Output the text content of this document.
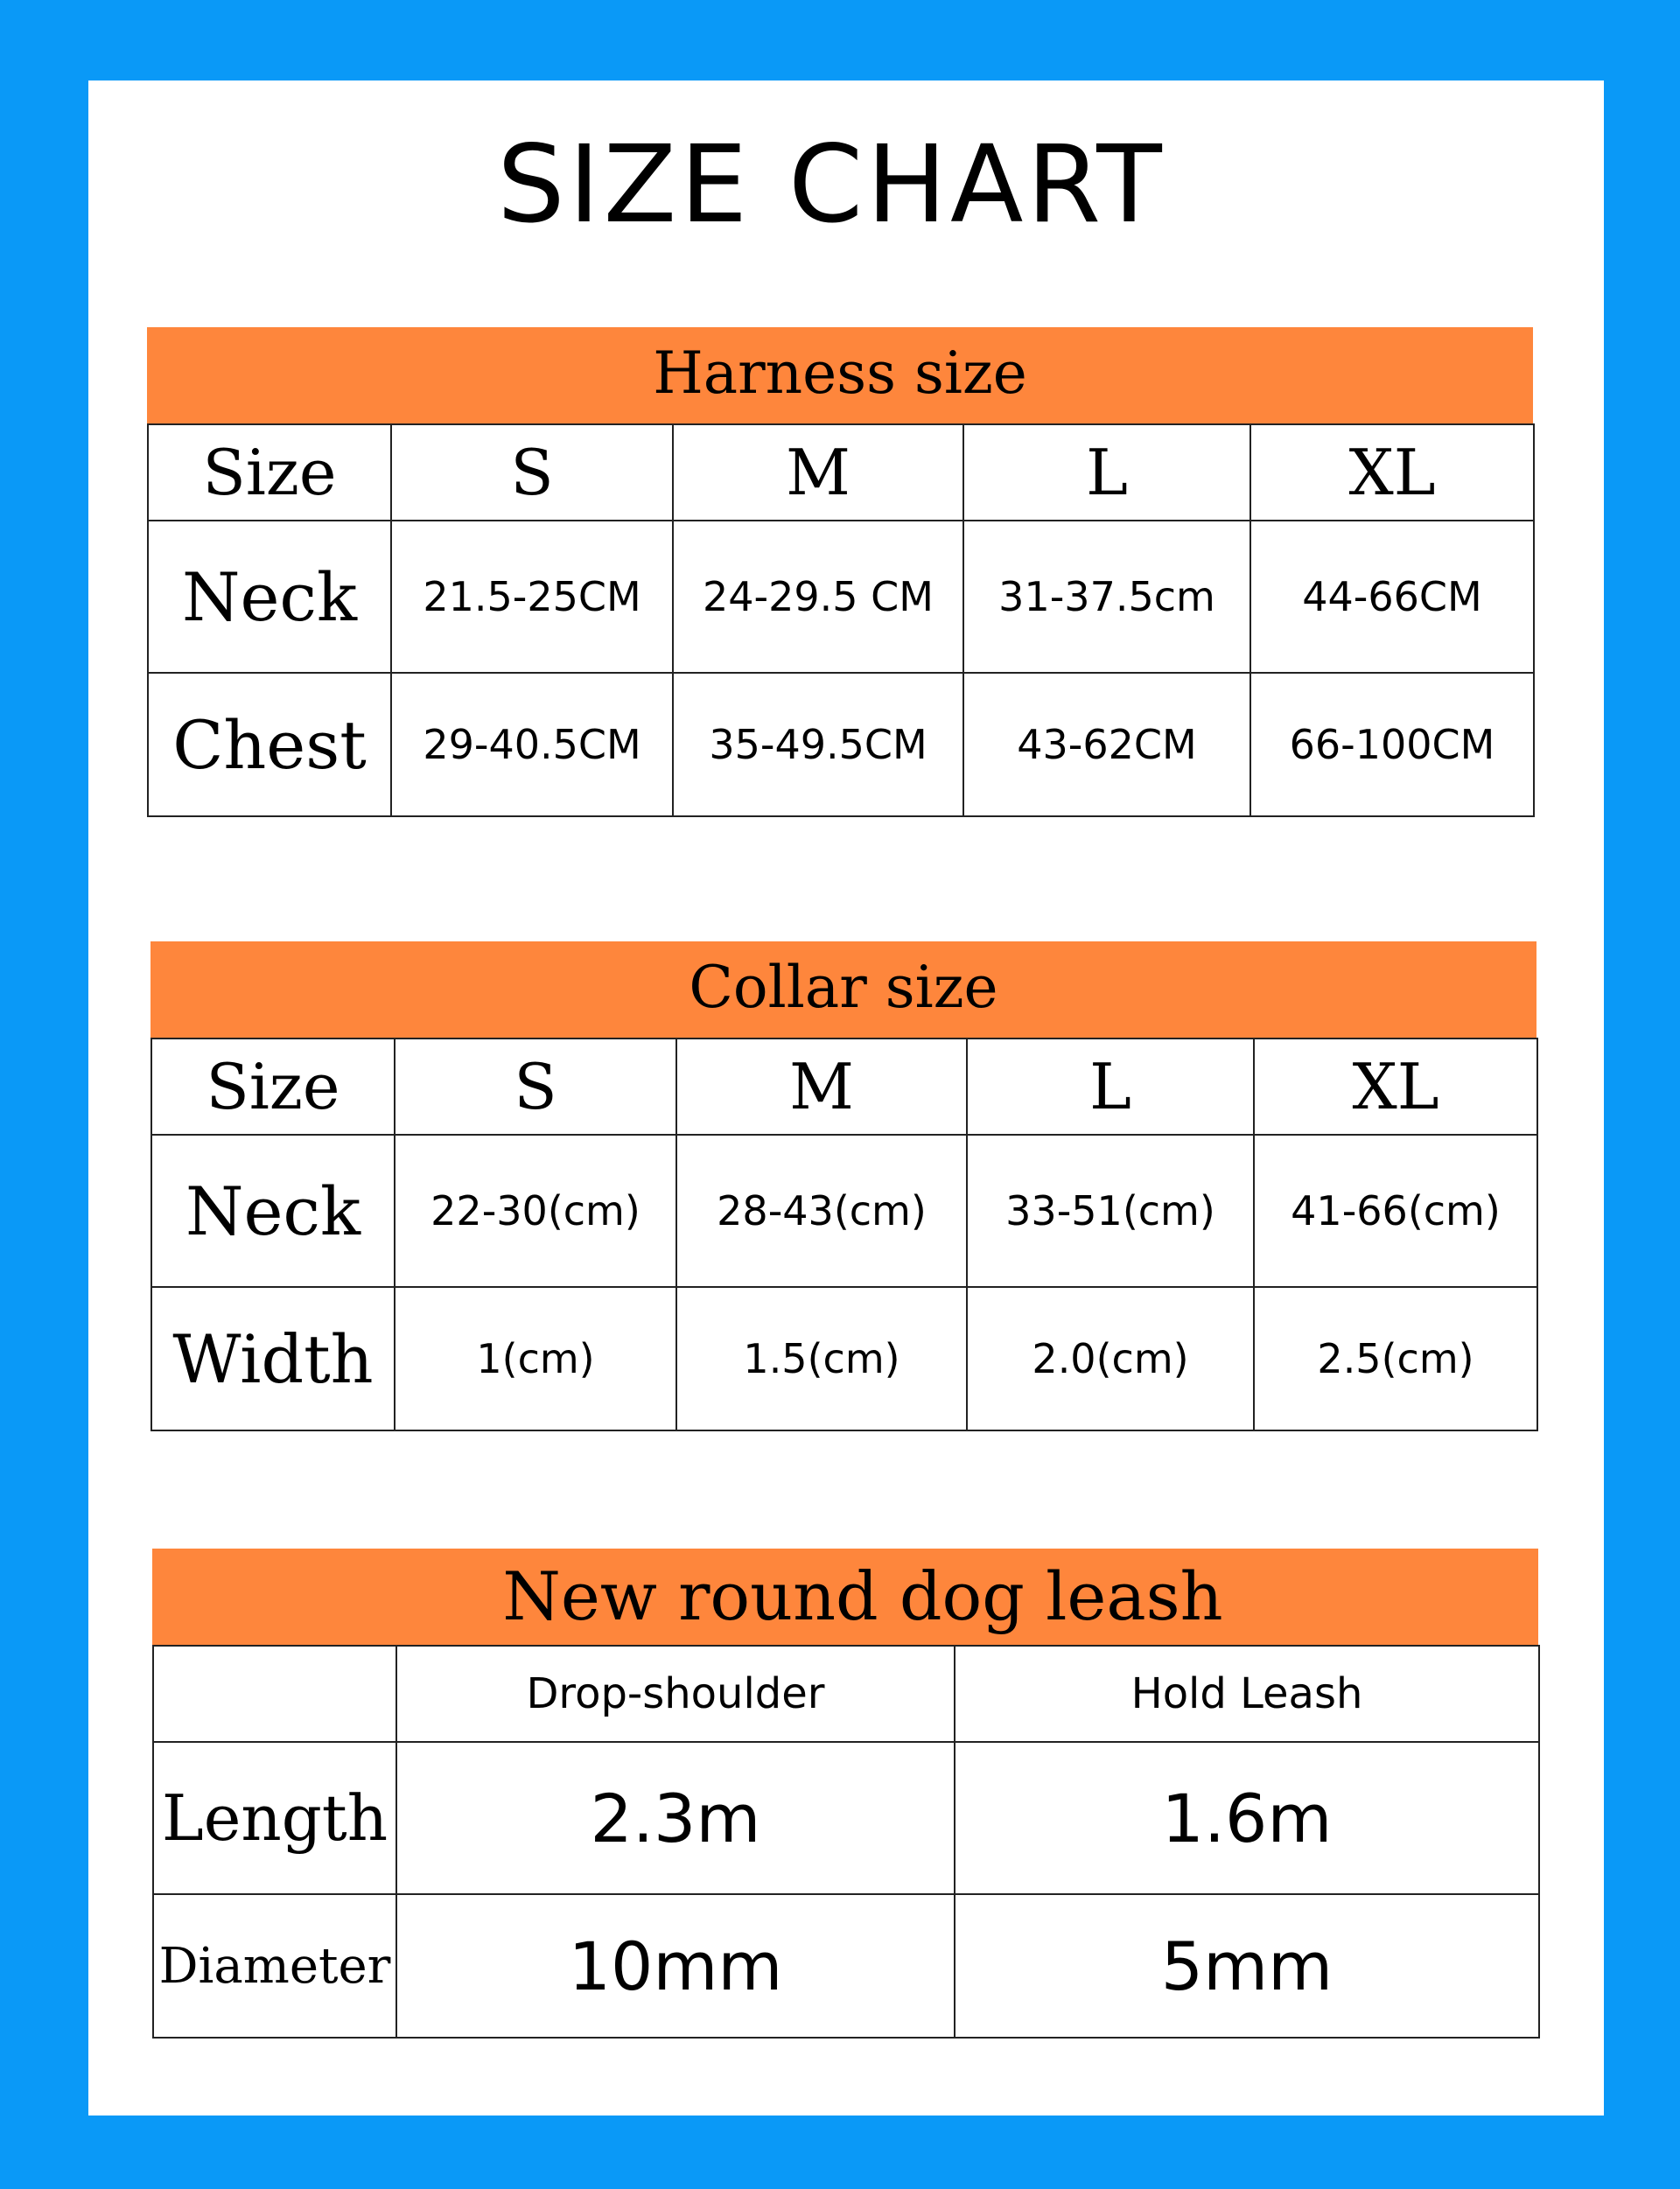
SIZE CHART
Harness size
Size	S	M	L	XL
Neck	21.5-25CM	24-29.5 CM	31-37.5cm	44-66CM
Chest	29-40.5CM	35-49.5CM	43-62CM	66-100CM
Collar size
Size	S	M	L	XL
Neck	22-30(cm)	28-43(cm)	33-51(cm)	41-66(cm)
Width	1(cm)	1.5(cm)	2.0(cm)	2.5(cm)
New round dog leash
	Drop-shoulder	Hold Leash
Length	2.3m	1.6m
Diameter	10mm	5mm
